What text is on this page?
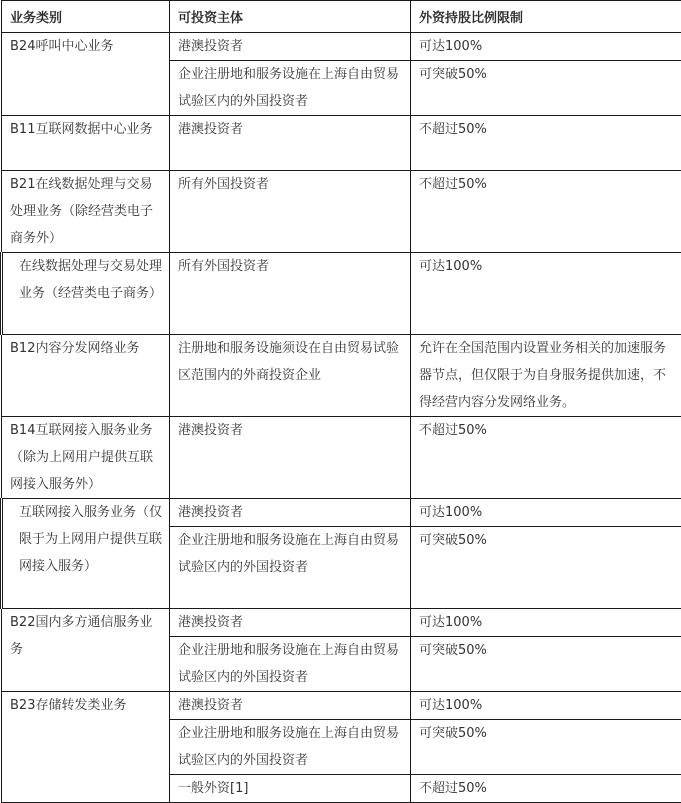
业务类别	可投资主体	外资持股比例限制
B24呼叫中心业务	港澳投资者	可达100%
	企业注册地和服务设施在上海自由贸易试验区内的外国投资者	可突破50%
B11互联网数据中心业务	港澳投资者	不超过50%
B21在线数据处理与交易处理业务（除经营类电子商务外）	所有外国投资者	不超过50%
在线数据处理与交易处理业务（经营类电子商务）	所有外国投资者	可达100%
B12内容分发网络业务	注册地和服务设施须设在自由贸易试验区范围内的外商投资企业	允许在全国范围内设置业务相关的加速服务器节点，但仅限于为自身服务提供加速，不得经营内容分发网络业务。
B14互联网接入服务业务（除为上网用户提供互联网接入服务外）	港澳投资者	不超过50%
互联网接入服务业务（仅限于为上网用户提供互联网接入服务）	港澳投资者	可达100%
	企业注册地和服务设施在上海自由贸易试验区内的外国投资者	可突破50%
B22国内多方通信服务业务	港澳投资者	可达100%
	企业注册地和服务设施在上海自由贸易试验区内的外国投资者	可突破50%
B23存储转发类业务	港澳投资者	可达100%
	企业注册地和服务设施在上海自由贸易试验区内的外国投资者	可突破50%
	一般外资[1]	不超过50%
